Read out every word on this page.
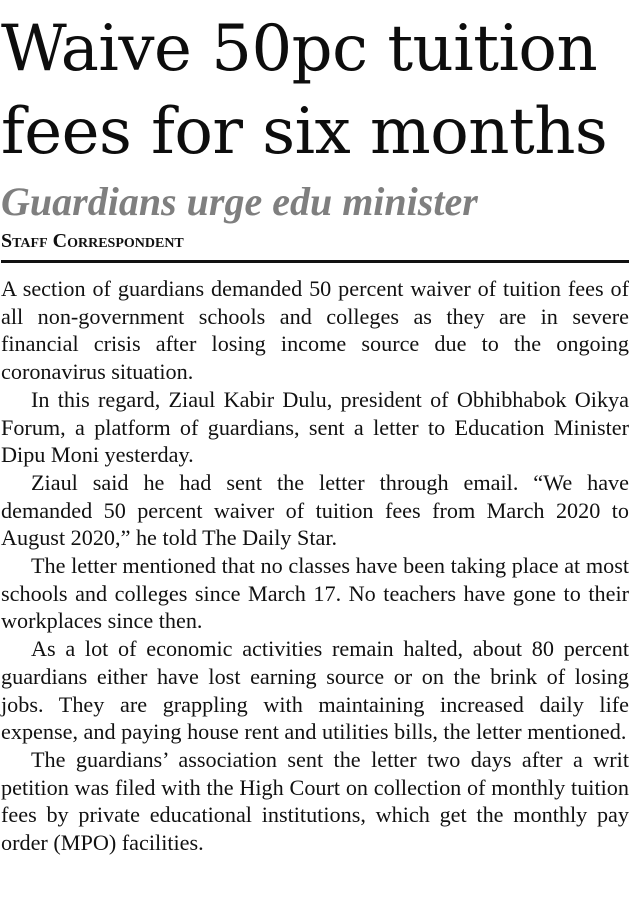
Waive 50pc tuition
fees for six months
Guardians urge edu minister
Staff Correspondent

A section of guardians demanded 50 percent waiver of tuition fees of all non-government schools and colleges as they are in severe financial crisis after losing income source due to the ongoing coronavirus situation.

In this regard, Ziaul Kabir Dulu, president of Obhibhabok Oikya Forum, a platform of guardians, sent a letter to Education Minister Dipu Moni yesterday.

Ziaul said he had sent the letter through email. “We have demanded 50 percent waiver of tuition fees from March 2020 to August 2020,” he told The Daily Star.

The letter mentioned that no classes have been taking place at most schools and colleges since March 17. No teachers have gone to their workplaces since then.

As a lot of economic activities remain halted, about 80 percent guardians either have lost earning source or on the brink of losing jobs. They are grappling with maintaining increased daily life expense, and paying house rent and utilities bills, the letter mentioned.

The guardians’ association sent the letter two days after a writ petition was filed with the High Court on collection of monthly tuition fees by private educational institutions, which get the monthly pay order (MPO) facilities.
